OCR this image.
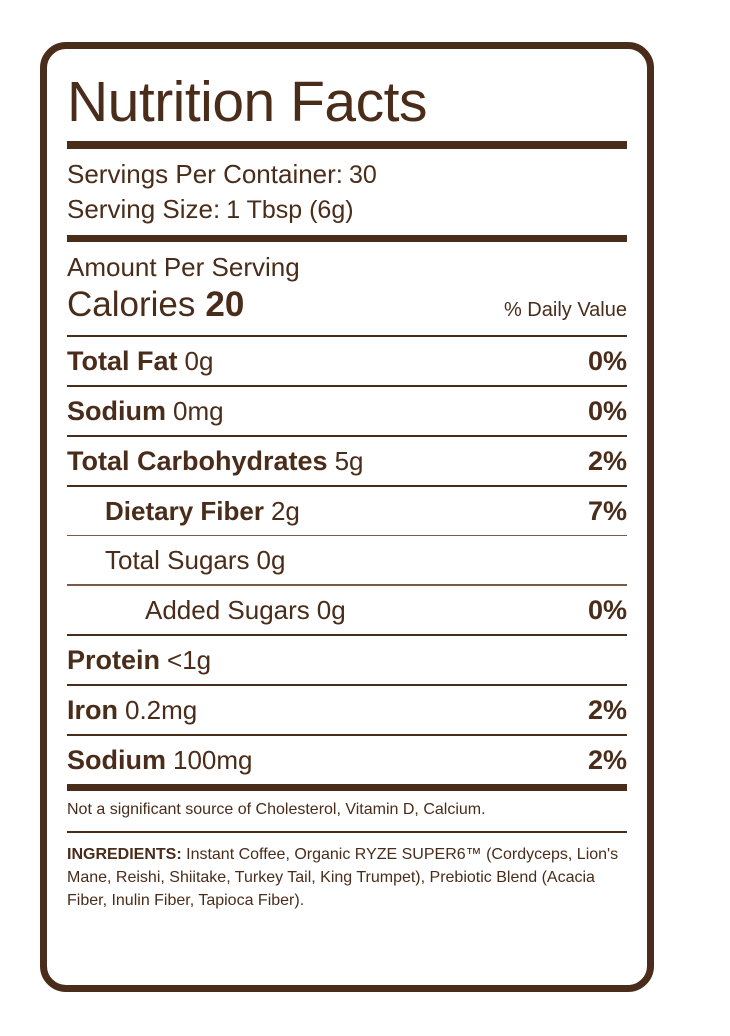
Nutrition Facts
Servings Per Container: 30
Serving Size: 1 Tbsp (6g)
Amount Per Serving
Calories 20	% Daily Value
Total Fat 0g	0%
Sodium 0mg	0%
Total Carbohydrates 5g	2%
Dietary Fiber 2g	7%
Total Sugars 0g
Added Sugars 0g	0%
Protein <1g
Iron 0.2mg	2%
Sodium 100mg	2%
Not a significant source of Cholesterol, Vitamin D, Calcium.
INGREDIENTS: Instant Coffee, Organic RYZE SUPER6™ (Cordyceps, Lion's Mane, Reishi, Shiitake, Turkey Tail, King Trumpet), Prebiotic Blend (Acacia Fiber, Inulin Fiber, Tapioca Fiber).
